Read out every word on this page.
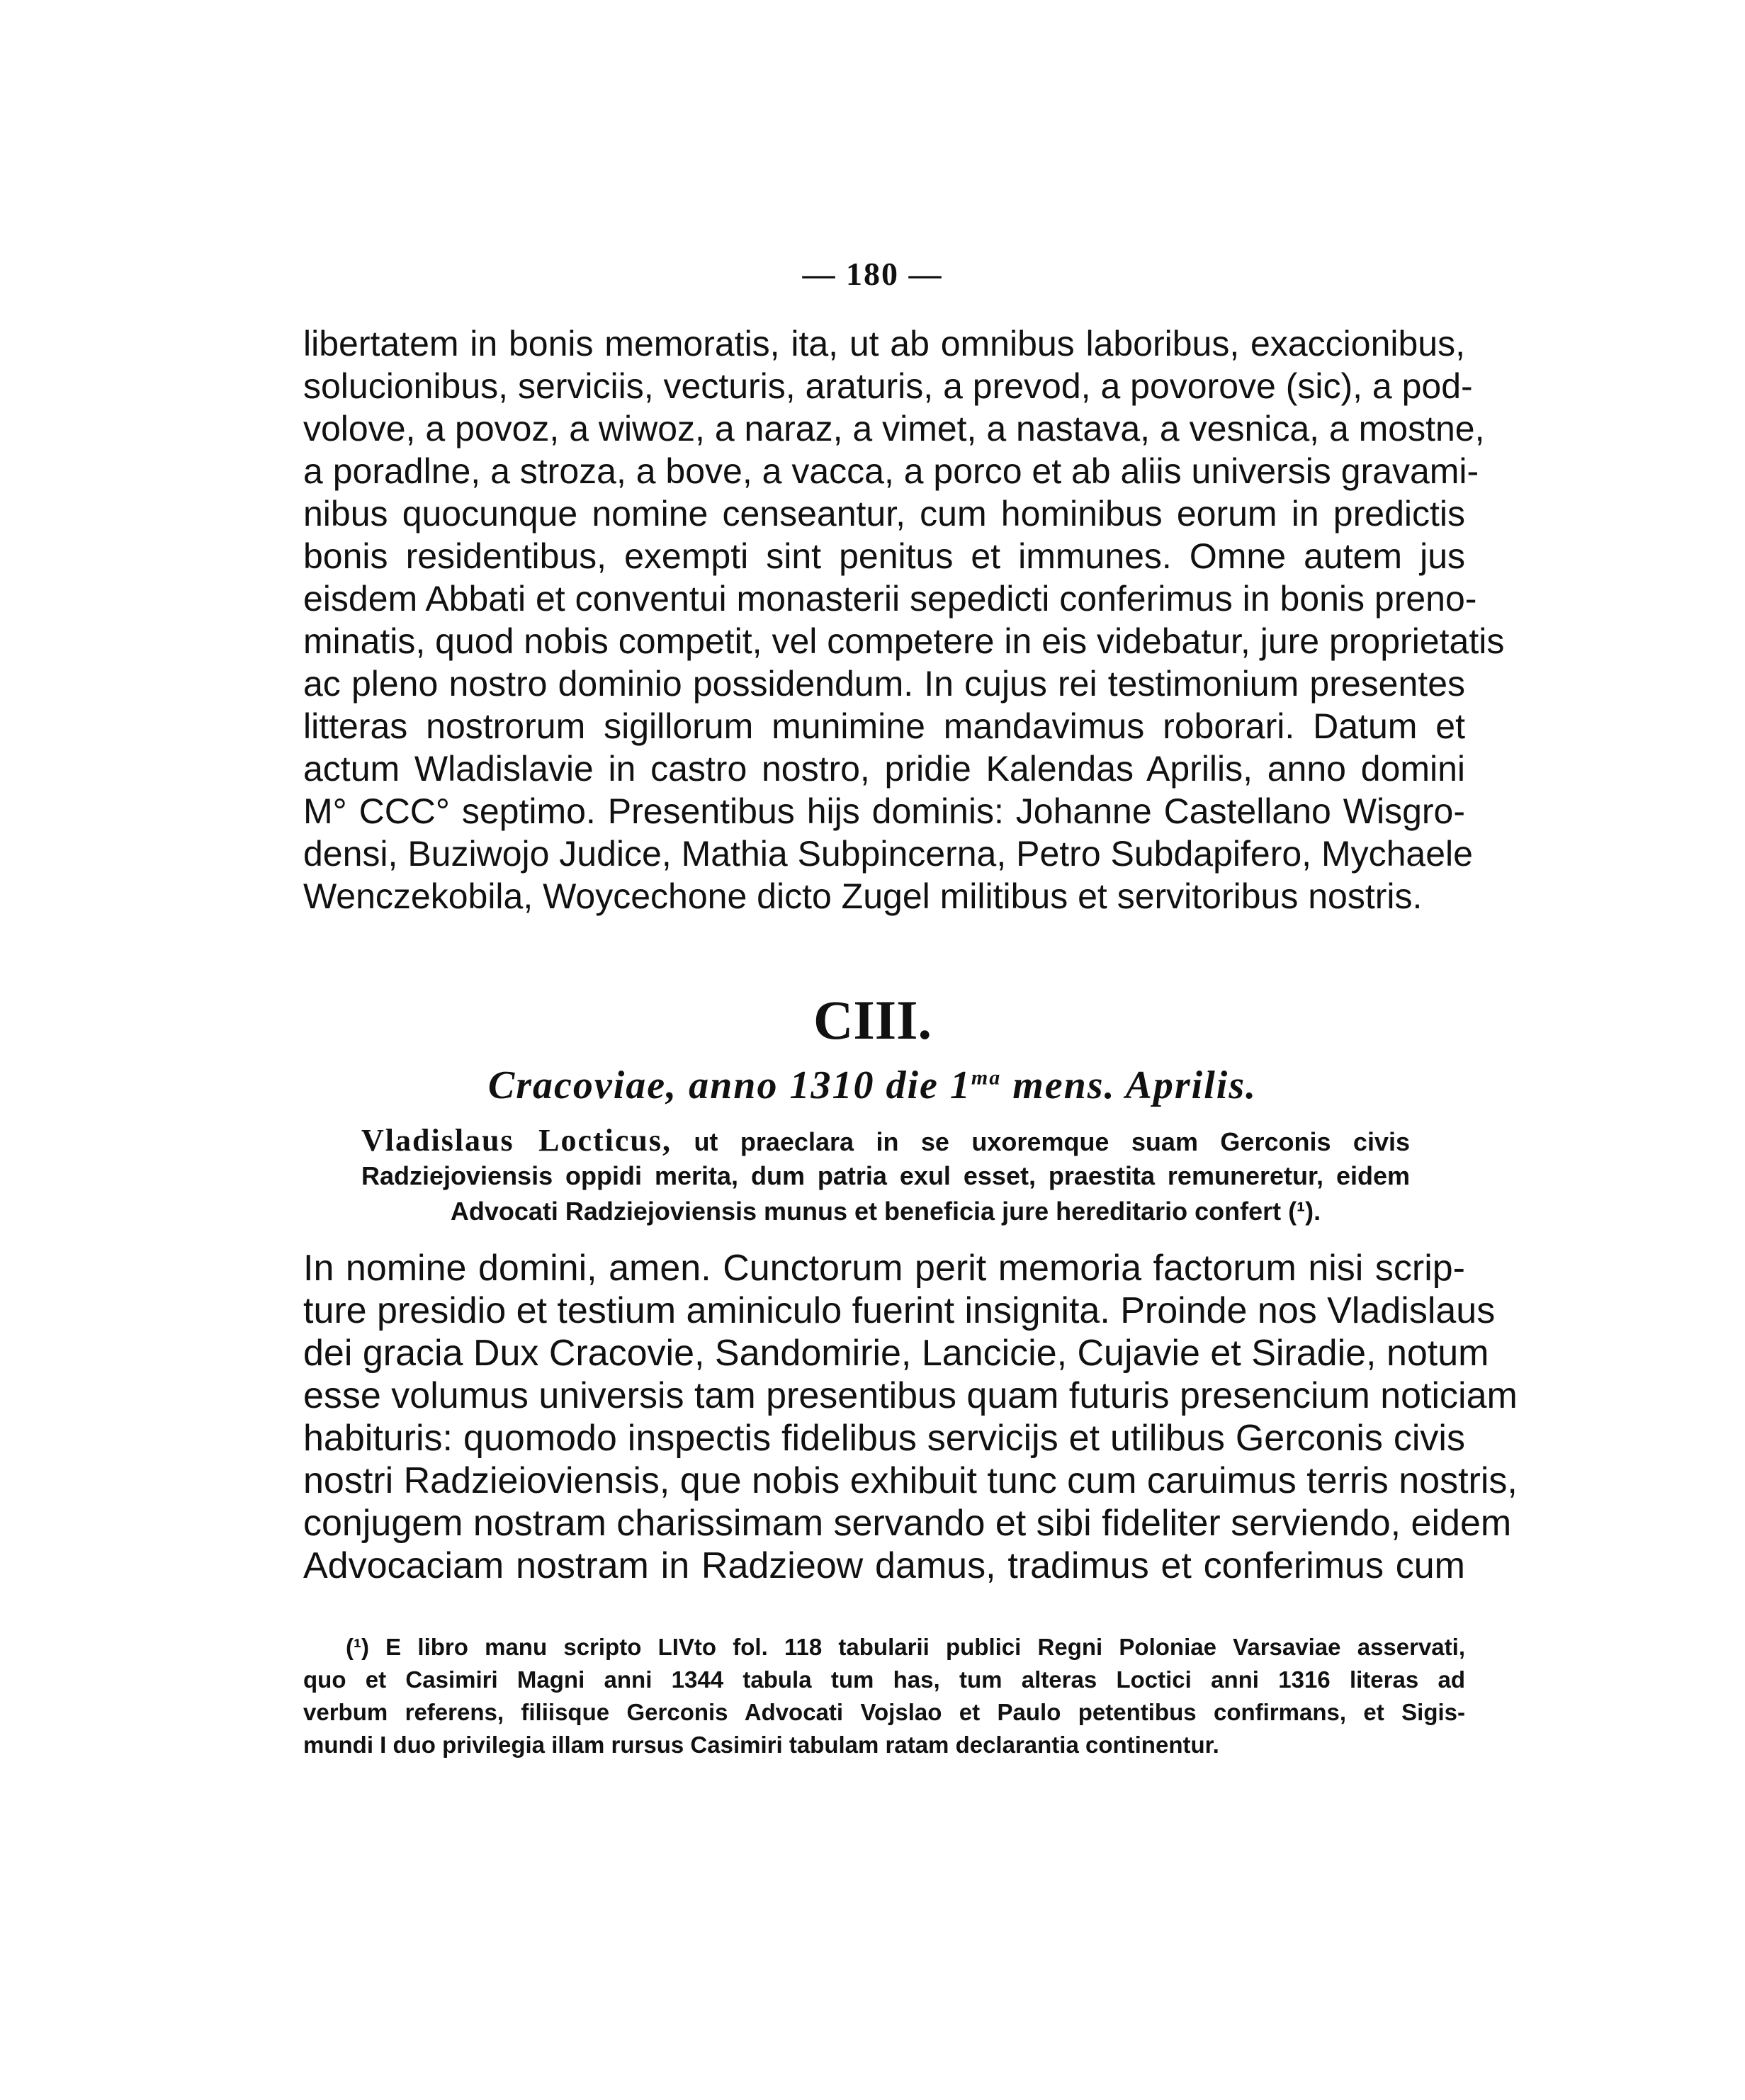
— 180 —
libertatem in bonis memoratis, ita, ut ab omnibus laboribus, exaccionibus,
solucionibus, serviciis, vecturis, araturis, a prevod, a povorove (sic), a pod-
volove, a povoz, a wiwoz, a naraz, a vimet, a nastava, a vesnica, a mostne,
a poradlne, a stroza, a bove, a vacca, a porco et ab aliis universis gravami-
nibus quocunque nomine censeantur, cum hominibus eorum in predictis
bonis residentibus, exempti sint penitus et immunes. Omne autem jus
eisdem Abbati et conventui monasterii sepedicti conferimus in bonis preno-
minatis, quod nobis competit, vel competere in eis videbatur, jure proprietatis
ac pleno nostro dominio possidendum. In cujus rei testimonium presentes
litteras nostrorum sigillorum munimine mandavimus roborari. Datum et
actum Wladislavie in castro nostro, pridie Kalendas Aprilis, anno domini
M° CCC° septimo. Presentibus hijs dominis: Johanne Castellano Wisgro-
densi, Buziwojo Judice, Mathia Subpincerna, Petro Subdapifero, Mychaele
Wenczekobila, Woycechone dicto Zugel militibus et servitoribus nostris.
CIII.
Cracoviae, anno 1310 die $1^{ma}$ mens. Aprilis.
Vladislaus Locticus, ut praeclara in se uxoremque suam Gerconis civis
Radziejoviensis oppidi merita, dum patria exul esset, praestita remuneretur, eidem
Advocati Radziejoviensis munus et beneficia jure hereditario confert (¹).
In nomine domini, amen. Cunctorum perit memoria factorum nisi scrip-
ture presidio et testium aminiculo fuerint insignita. Proinde nos Vladislaus
dei gracia Dux Cracovie, Sandomirie, Lancicie, Cujavie et Siradie, notum
esse volumus universis tam presentibus quam futuris presencium noticiam
habituris: quomodo inspectis fidelibus servicijs et utilibus Gerconis civis
nostri Radzieioviensis, que nobis exhibuit tunc cum caruimus terris nostris,
conjugem nostram charissimam servando et sibi fideliter serviendo, eidem
Advocaciam nostram in Radzieow damus, tradimus et conferimus cum
(¹) E libro manu scripto LIVto fol. 118 tabularii publici Regni Poloniae Varsaviae asservati,
quo et Casimiri Magni anni 1344 tabula tum has, tum alteras Loctici anni 1316 literas ad
verbum referens, filiisque Gerconis Advocati Vojslao et Paulo petentibus confirmans, et Sigis-
mundi I duo privilegia illam rursus Casimiri tabulam ratam declarantia continentur.
